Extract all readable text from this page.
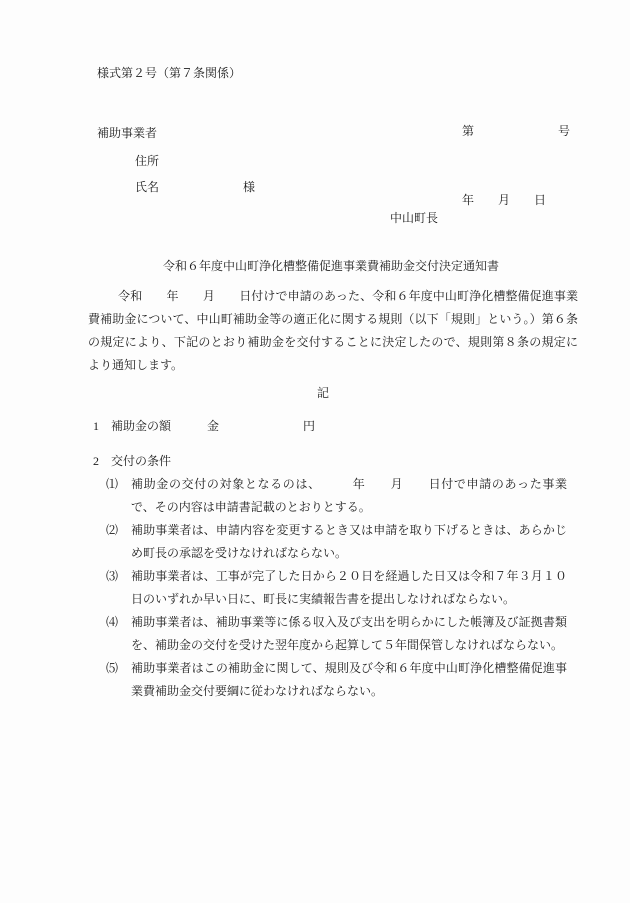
様式第２号（第７条関係）

第　　　　　　　号

年　　月　　日

補助事業者
住所
氏名　　　　　　　様
中山町長
令和６年度中山町浄化槽整備促進事業費補助金交付決定通知書
　令和　　年　　月　　日付けで申請のあった、令和６年度中山町浄化槽整備促進事業費補助金について、中山町補助金等の適正化に関する規則（以下「規則」という。）第６条の規定により、下記のとおり補助金を交付することに決定したので、規則第８条の規定により通知します。
記
1　補助金の額　　　金　　　　　　　円
2　交付の条件
⑴	補助金の交付の対象となるのは、　　　年　　月　　日付で申請のあった事業で、その内容は申請書記載のとおりとする。
⑵	補助事業者は、申請内容を変更するとき又は申請を取り下げるときは、あらかじめ町長の承認を受けなければならない。
⑶	補助事業者は、工事が完了した日から２０日を経過した日又は令和７年３月１０日のいずれか早い日に、町長に実績報告書を提出しなければならない。
⑷	補助事業者は、補助事業等に係る収入及び支出を明らかにした帳簿及び証拠書類を、補助金の交付を受けた翌年度から起算して５年間保管しなければならない。
⑸	補助事業者はこの補助金に関して、規則及び令和６年度中山町浄化槽整備促進事業費補助金交付要綱に従わなければならない。
